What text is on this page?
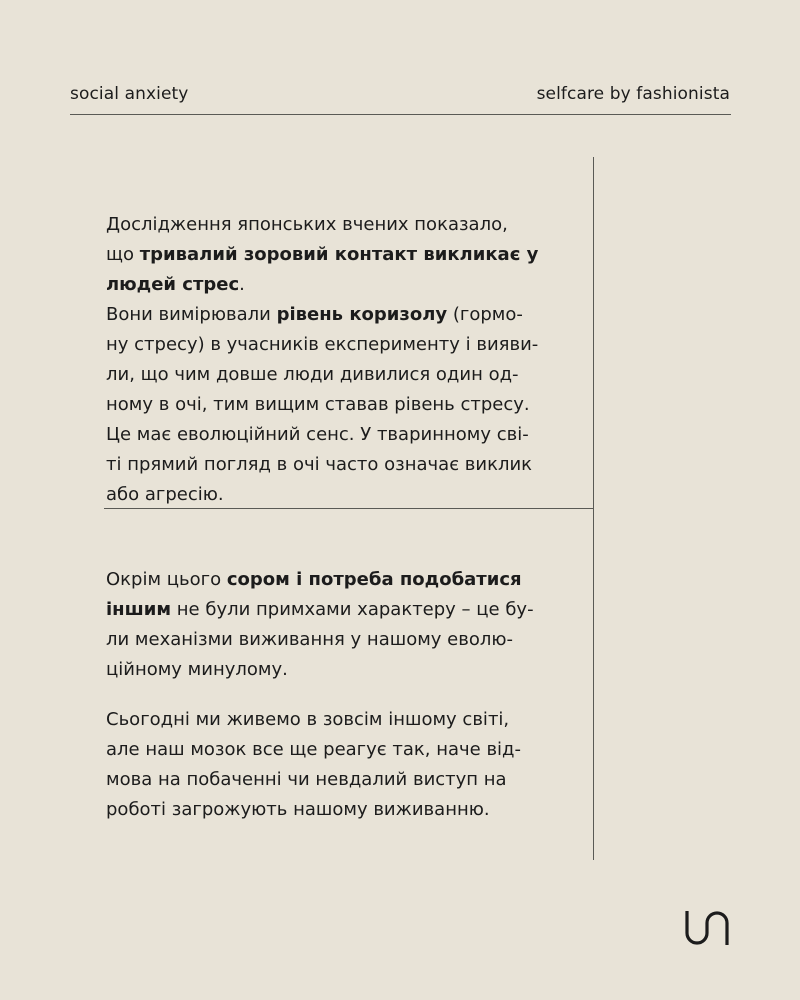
social anxiety	selfcare by fashionista
Дослідження японських вчених показало,
що тривалий зоровий контакт викликає у
людей стрес.
Вони вимірювали рівень коризолу (гормо-
ну стресу) в учасників експерименту і вияви-
ли, що чим довше люди дивилися один од-
ному в очі, тим вищим ставав рівень стресу.
Це має еволюційний сенс. У тваринному сві-
ті прямий погляд в очі часто означає виклик
або агресію.
Окрім цього сором і потреба подобатися
іншим не були примхами характеру – це бу-
ли механізми виживання у нашому еволю-
ційному минулому.
Сьогодні ми живемо в зовсім іншому світі,
але наш мозок все ще реагує так, наче від-
мова на побаченні чи невдалий виступ на
роботі загрожують нашому виживанню.
